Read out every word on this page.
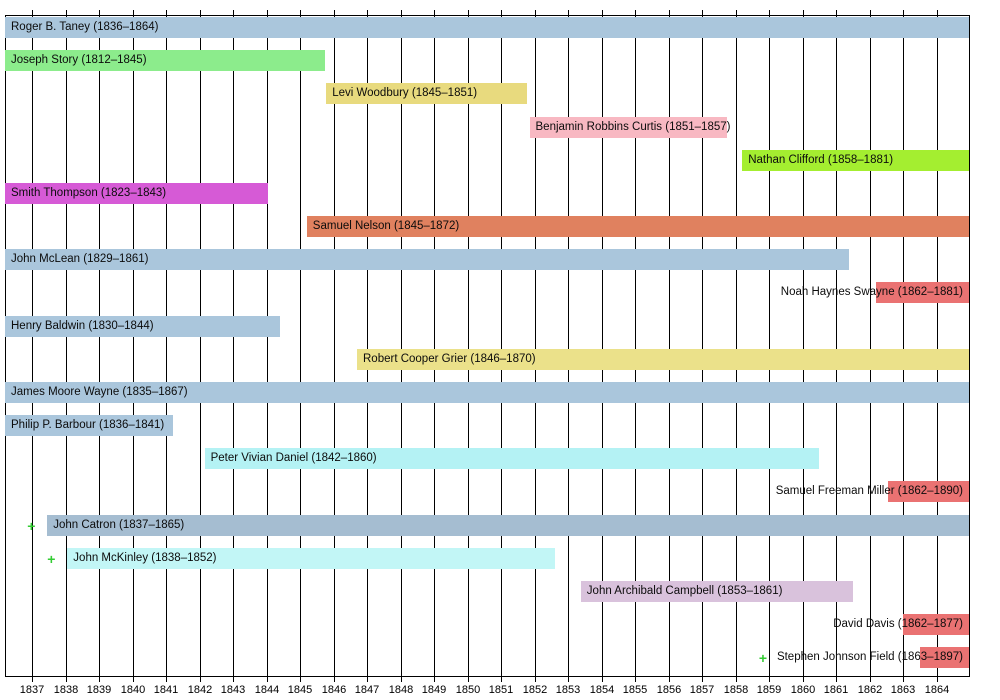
1837 1838 1839 1840 1841 1842 1843 1844 1845 1846 1847 1848 1849 1850 1851 1852 1853 1854 1855 1856 1857 1858 1859 1860 1861 1862 1863 1864
Roger B. Taney (1836–1864)
Joseph Story (1812–1845)
Levi Woodbury (1845–1851)
Benjamin Robbins Curtis (1851–1857)
Nathan Clifford (1858–1881)
Smith Thompson (1823–1843)
Samuel Nelson (1845–1872)
John McLean (1829–1861)
Noah Haynes Swayne (1862–1881)
Henry Baldwin (1830–1844)
Robert Cooper Grier (1846–1870)
James Moore Wayne (1835–1867)
Philip P. Barbour (1836–1841)
Peter Vivian Daniel (1842–1860)
Samuel Freeman Miller (1862–1890)
John Catron (1837–1865)
+
John McKinley (1838–1852)
+
John Archibald Campbell (1853–1861)
David Davis (1862–1877)
Stephen Johnson Field (1863–1897)
+
